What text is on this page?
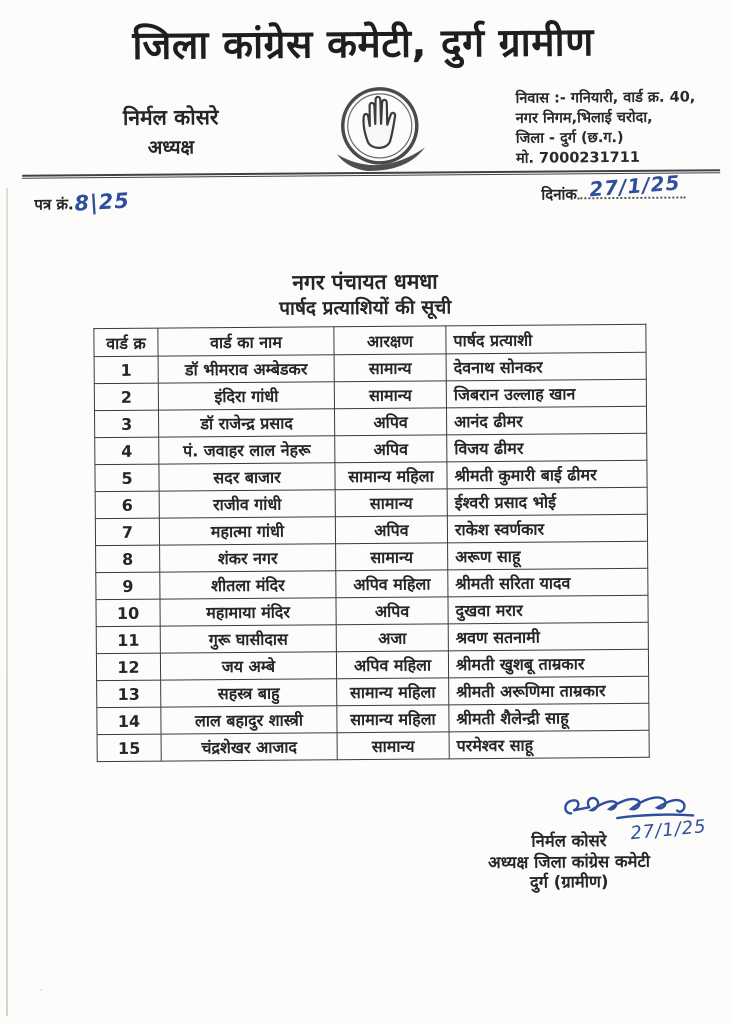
·
जिला कांग्रेस कमेटी, दुर्ग ग्रामीण
निर्मल कोसरे
अध्यक्ष
निवास :- गनियारी, वार्ड क्र. 40,
नगर निगम,भिलाई चरोदा,
जिला - दुर्ग (छ.ग.)
मो. 7000231711
पत्र क्रं.8|25	दिनांक 27/1/25
नगर पंचायत धमधा
पार्षद प्रत्याशियों की सूची
वार्ड क्र	वार्ड का नाम	आरक्षण	पार्षद प्रत्याशी
1	डॉ भीमराव अम्बेडकर	सामान्य	देवनाथ सोनकर
2	इंदिरा गांधी	सामान्य	जिबरान उल्लाह खान
3	डॉ राजेन्द्र प्रसाद	अपिव	आनंद ढीमर
4	पं. जवाहर लाल नेहरू	अपिव	विजय ढीमर
5	सदर बाजार	सामान्य महिला	श्रीमती कुमारी बाई ढीमर
6	राजीव गांधी	सामान्य	ईश्वरी प्रसाद भोई
7	महात्मा गांधी	अपिव	राकेश स्वर्णकार
8	शंकर नगर	सामान्य	अरूण साहू
9	शीतला मंदिर	अपिव महिला	श्रीमती सरिता यादव
10	महामाया मंदिर	अपिव	दुखवा मरार
11	गुरू घासीदास	अजा	श्रवण सतनामी
12	जय अम्बे	अपिव महिला	श्रीमती खुशबू ताम्रकार
13	सहस्त्र बाहु	सामान्य महिला	श्रीमती अरूणिमा ताम्रकार
14	लाल बहादुर शास्त्री	सामान्य महिला	श्रीमती शैलेन्द्री साहू
15	चंद्रशेखर आजाद	सामान्य	परमेश्वर साहू
27/1/25
निर्मल कोसरे
अध्यक्ष जिला कांग्रेस कमेटी
दुर्ग (ग्रामीण)
